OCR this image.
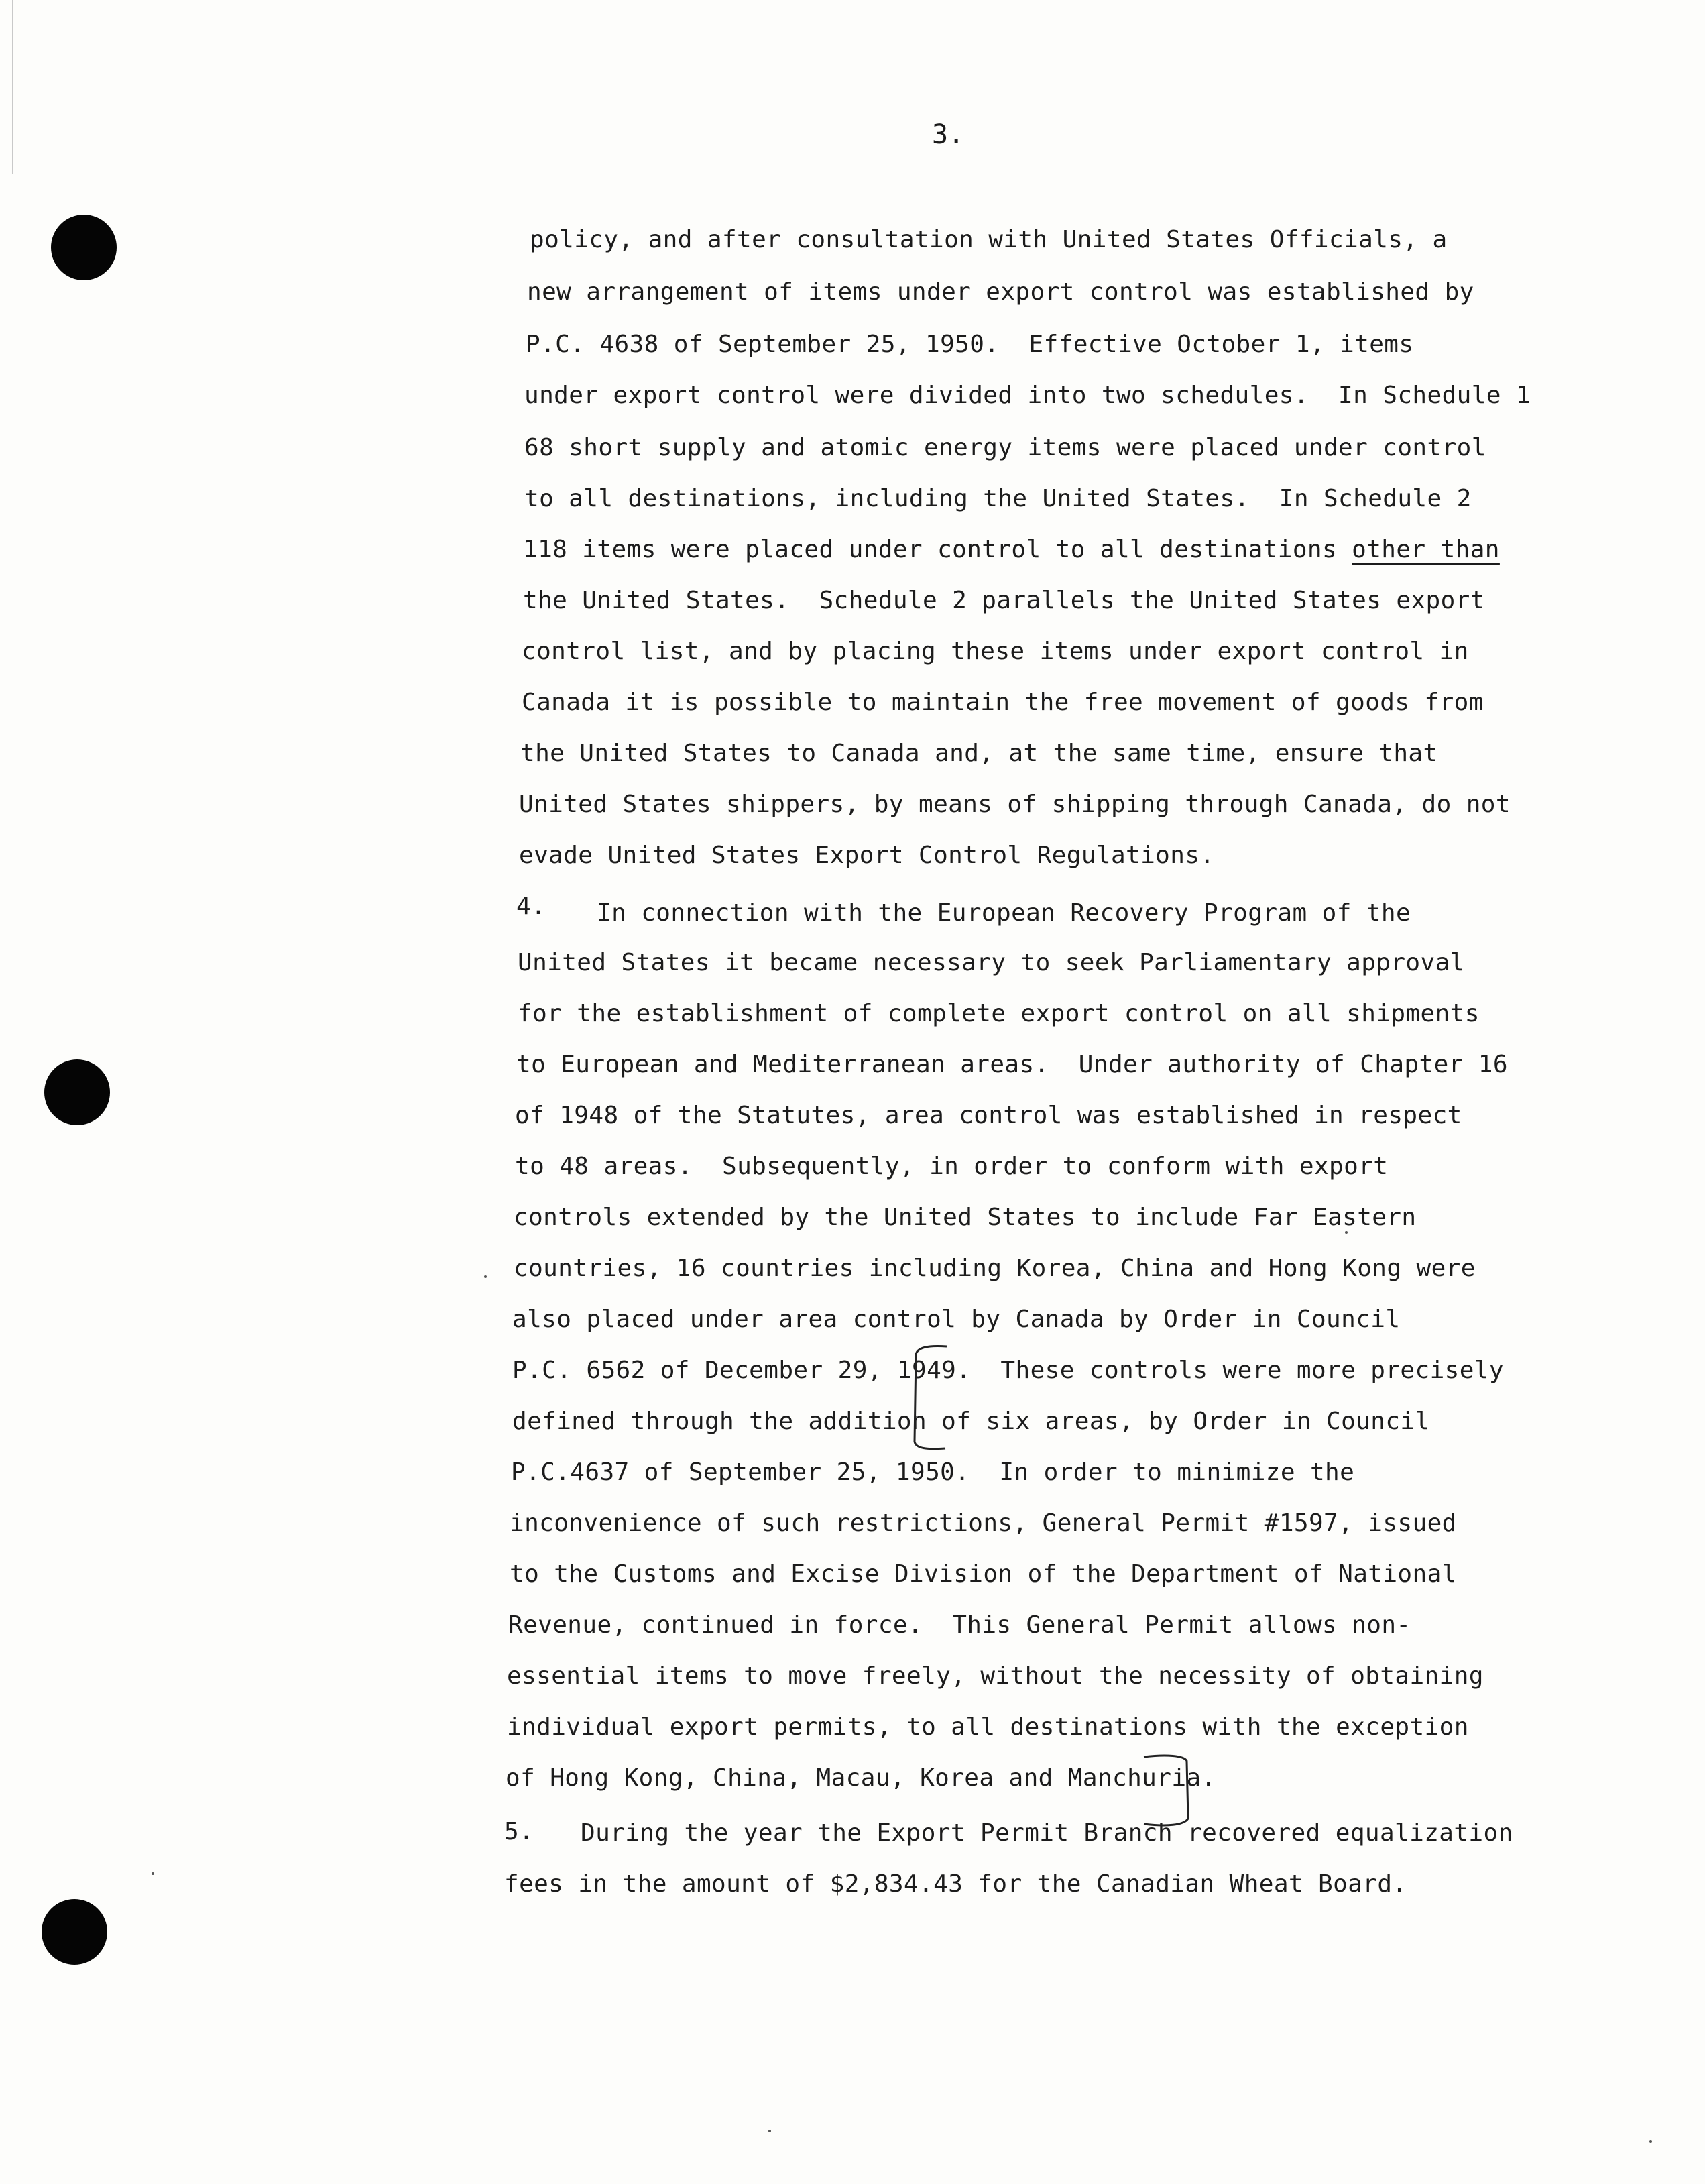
3.
policy, and after consultation with United States Officials, a
new arrangement of items under export control was established by
P.C. 4638 of September 25, 1950.  Effective October 1, items
under export control were divided into two schedules.  In Schedule 1
68 short supply and atomic energy items were placed under control
to all destinations, including the United States.  In Schedule 2
118 items were placed under control to all destinations other than
the United States.  Schedule 2 parallels the United States export
control list, and by placing these items under export control in
Canada it is possible to maintain the free movement of goods from
the United States to Canada and, at the same time, ensure that
United States shippers, by means of shipping through Canada, do not
evade United States Export Control Regulations.
4. In connection with the European Recovery Program of the
United States it became necessary to seek Parliamentary approval
for the establishment of complete export control on all shipments
to European and Mediterranean areas.  Under authority of Chapter 16
of 1948 of the Statutes, area control was established in respect
to 48 areas.  Subsequently, in order to conform with export
controls extended by the United States to include Far Eastern
countries, 16 countries including Korea, China and Hong Kong were
also placed under area control by Canada by Order in Council
P.C. 6562 of December 29, 1949.  These controls were more precisely
defined through the addition of six areas, by Order in Council
P.C.4637 of September 25, 1950.  In order to minimize the
inconvenience of such restrictions, General Permit #1597, issued
to the Customs and Excise Division of the Department of National
Revenue, continued in force.  This General Permit allows non-
essential items to move freely, without the necessity of obtaining
individual export permits, to all destinations with the exception
of Hong Kong, China, Macau, Korea and Manchuria.
5. During the year the Export Permit Branch recovered equalization
fees in the amount of $2,834.43 for the Canadian Wheat Board.
